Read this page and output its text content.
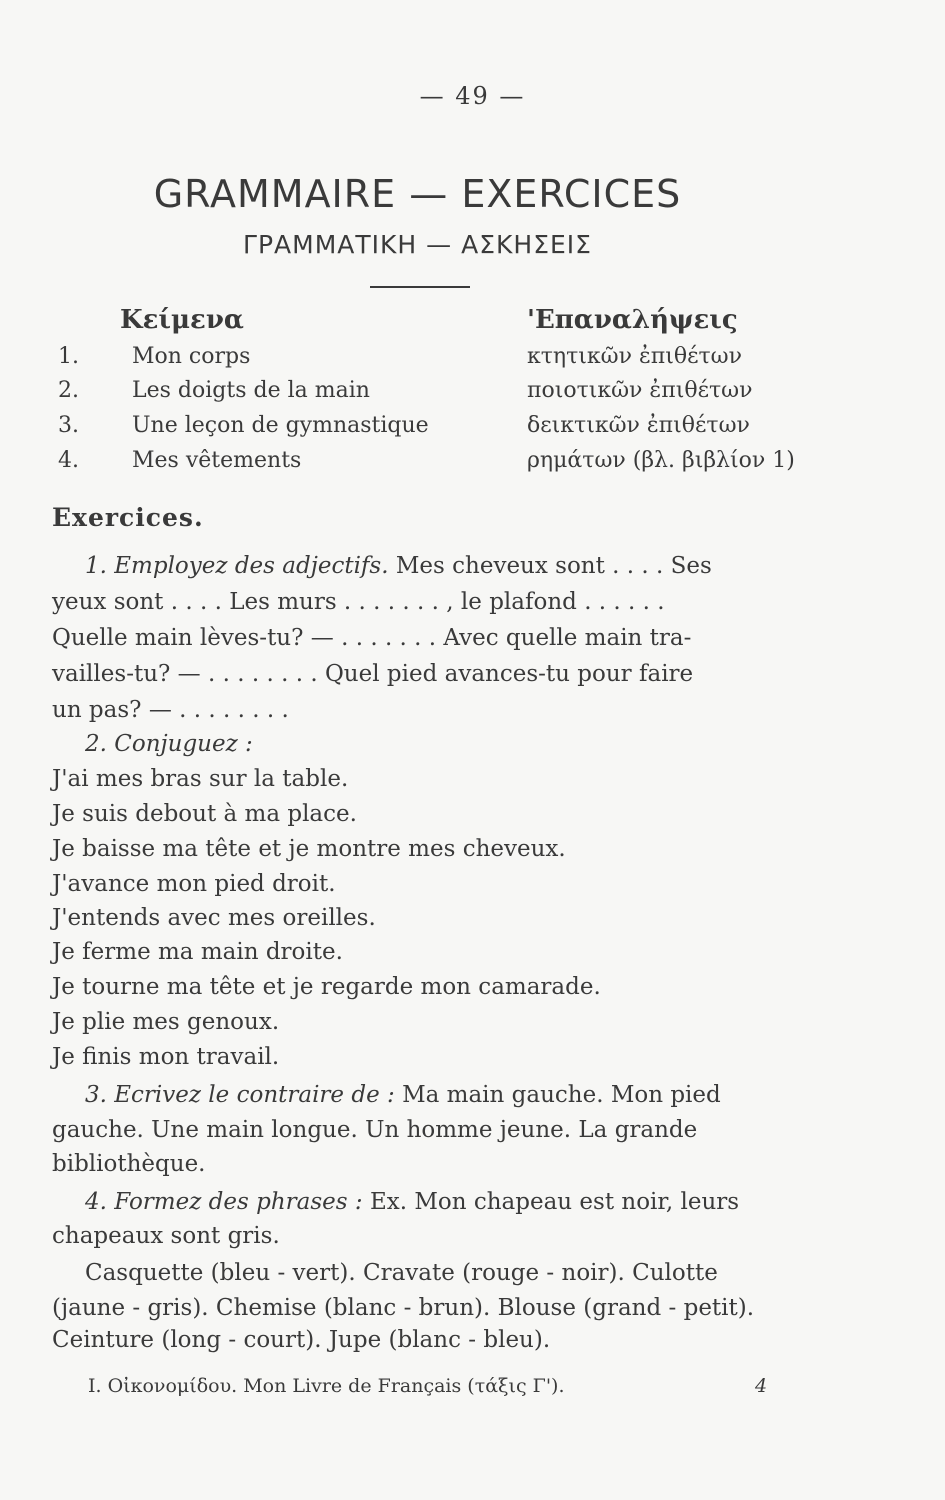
— 49 —
GRAMMAIRE — EXERCICES
ΓΡΑΜΜΑΤΙΚΗ — ΑΣΚΗΣΕΙΣ
Κείμενα
1. Mon corps
2. Les doigts de la main
3. Une leçon de gymnastique
4. Mes vêtements
'Επαναλήψεις
κτητικῶν ἐπιθέτων
ποιοτικῶν ἐπιθέτων
δεικτικῶν ἐπιθέτων
ρημάτων (βλ. βιβλίον 1)
Exercices.
1. Employez des adjectifs. Mes cheveux sont . . . . Ses
yeux sont . . . . Les murs . . . . . . . , le plafond . . . . . .
Quelle main lèves-tu? — . . . . . . . Avec quelle main tra-
vailles-tu? — . . . . . . . . Quel pied avances-tu pour faire
un pas? — . . . . . . . .
2. Conjuguez :
J'ai mes bras sur la table.
Je suis debout à ma place.
Je baisse ma tête et je montre mes cheveux.
J'avance mon pied droit.
J'entends avec mes oreilles.
Je ferme ma main droite.
Je tourne ma tête et je regarde mon camarade.
Je plie mes genoux.
Je finis mon travail.
3. Ecrivez le contraire de : Ma main gauche. Mon pied
gauche. Une main longue. Un homme jeune. La grande
bibliothèque.
4. Formez des phrases : Ex. Mon chapeau est noir, leurs
chapeaux sont gris.
Casquette (bleu - vert). Cravate (rouge - noir). Culotte
(jaune - gris). Chemise (blanc - brun). Blouse (grand - petit).
Ceinture (long - court). Jupe (blanc - bleu).
I. Οἰκονομίδου. Mon Livre de Français (τάξις Γ').	4
